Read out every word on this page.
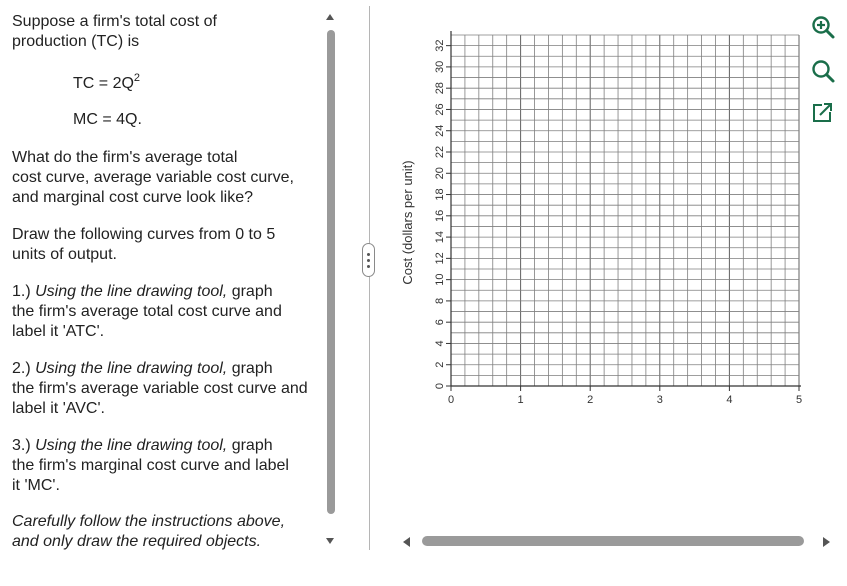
Suppose a firm's total cost of

production (TC) is

TC = $2Q^2$
MC = 4Q.

What do the firm's average total

cost curve, average variable cost curve,

and marginal cost curve look like?

Draw the following curves from 0 to 5

units of output.

1.) Using the line drawing tool, graph

the firm's average total cost curve and

label it 'ATC'.

2.) Using the line drawing tool, graph

the firm's average variable cost curve and

label it 'AVC'.

3.) Using the line drawing tool, graph

the firm's marginal cost curve and label

it 'MC'.

Carefully follow the instructions above,

and only draw the required objects.

0
2
4
6
8
10
12
14
16
18
20
22
24
26
28
30
32
0	1	2	3	4	5
Cost (dollars per unit)
